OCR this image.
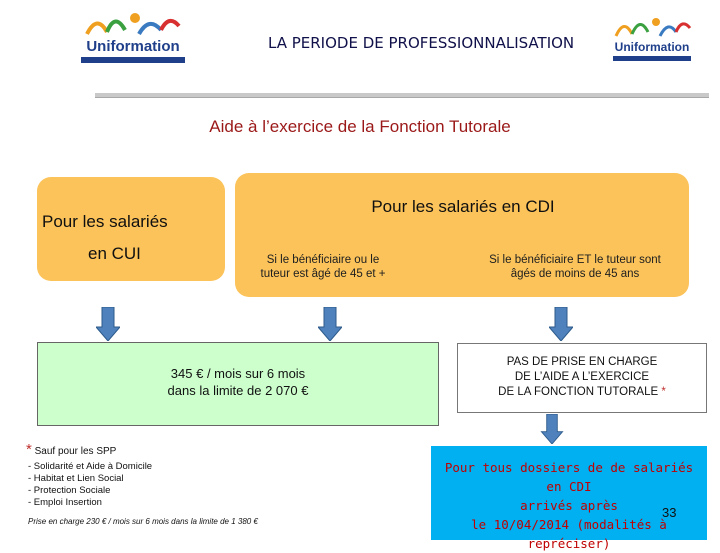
Uniformation	LA PERIODE DE PROFESSIONNALISATION	Uniformation
Aide à l’exercice de la Fonction Tutorale
Pour les salariés
en CUI
Pour les salariés en CDI
Si le bénéficiaire ou le
tuteur est âgé de 45 et +
Si le bénéficiaire ET le tuteur sont
âgés de moins de 45 ans
345 € / mois sur 6 mois
dans la limite de 2 070 €
PAS DE PRISE EN CHARGE
DE L’AIDE A L’EXERCICE
DE LA FONCTION TUTORALE *
* Sauf pour les SPP
- Solidarité et Aide à Domicile
- Habitat et Lien Social
- Protection Sociale
- Emploi Insertion
Prise en charge 230 € / mois sur 6 mois dans la limite de 1 380 €
Pour tous dossiers de de salariés
en CDI
arrivés après
le 10/04/2014 (modalités à repréciser)
33
